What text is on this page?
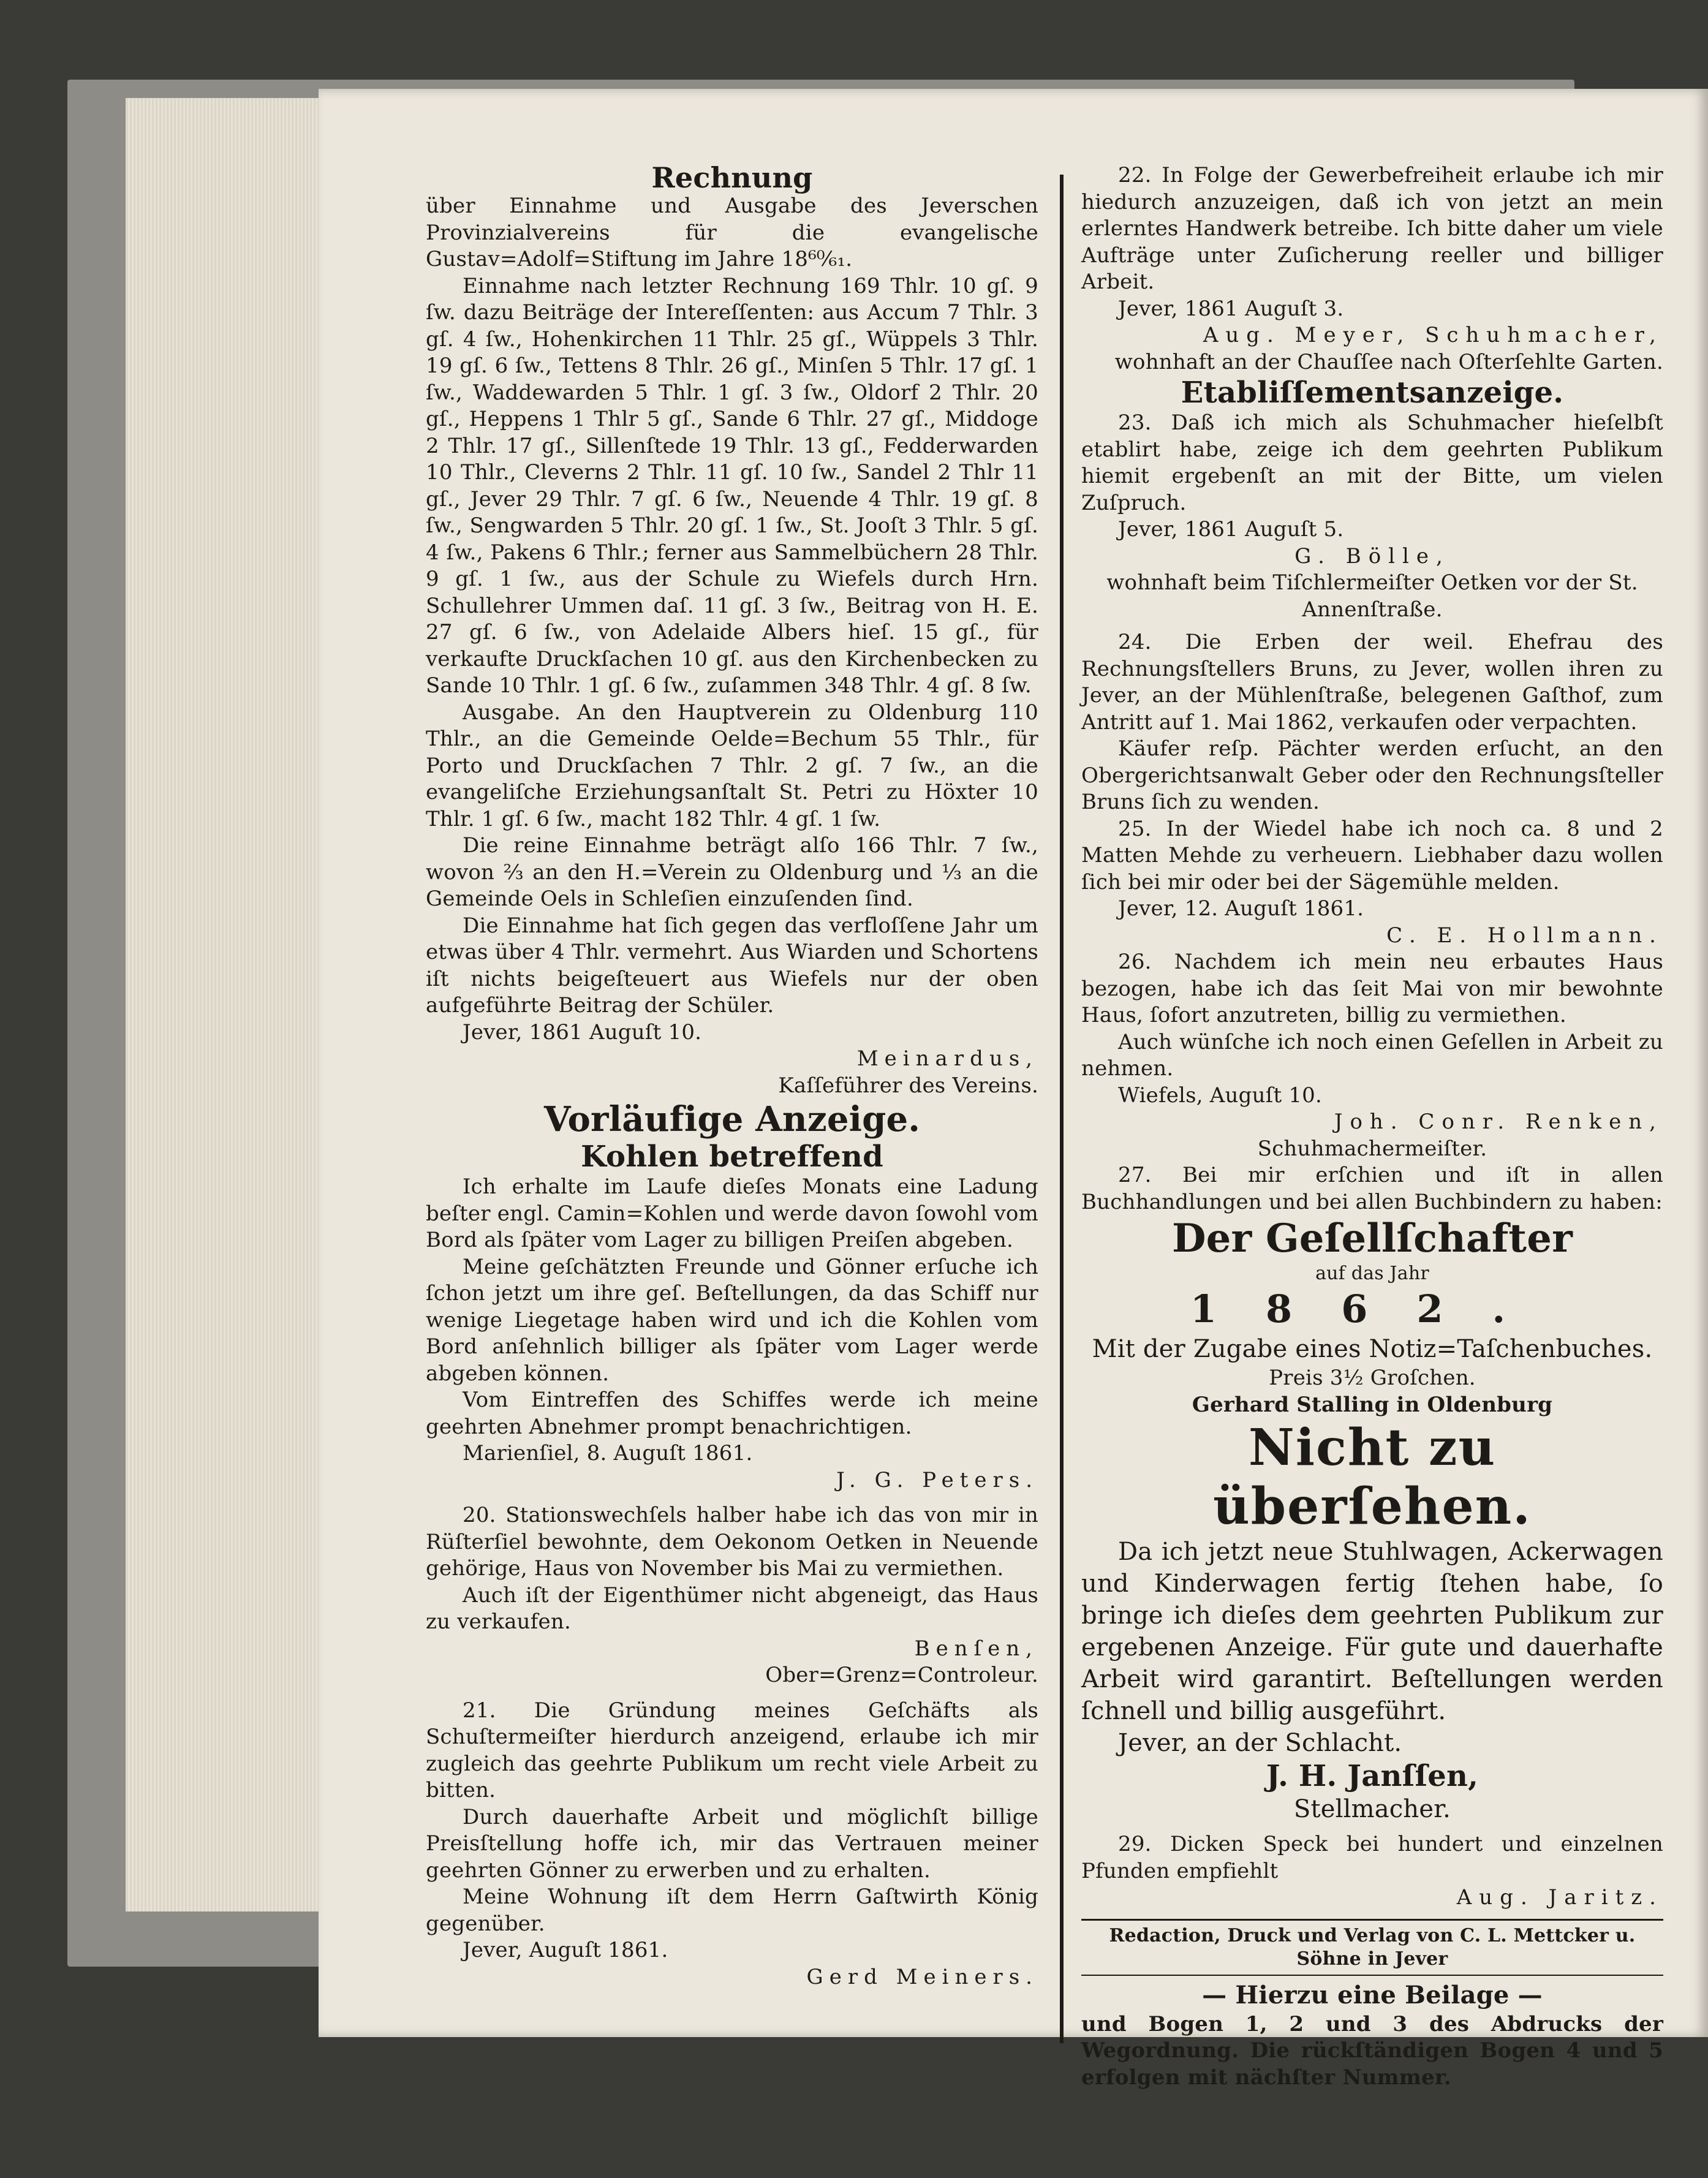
Rechnung

über Einnahme und Ausgabe des Jeverschen Provinzialvereins für die evangelische Gustav=Adolf=Stiftung im Jahre 18⁶⁰⁄₆₁.

Einnahme nach letzter Rechnung 169 Thlr. 10 gſ. 9 ſw. dazu Beiträge der Intereſſenten: aus Accum 7 Thlr. 3 gſ. 4 ſw., Hohenkirchen 11 Thlr. 25 gſ., Wüppels 3 Thlr. 19 gſ. 6 ſw., Tettens 8 Thlr. 26 gſ., Minſen 5 Thlr. 17 gſ. 1 ſw., Waddewarden 5 Thlr. 1 gſ. 3 ſw., Oldorf 2 Thlr. 20 gſ., Heppens 1 Thlr 5 gſ., Sande 6 Thlr. 27 gſ., Middoge 2 Thlr. 17 gſ., Sillenſtede 19 Thlr. 13 gſ., Fedderwarden 10 Thlr., Cleverns 2 Thlr. 11 gſ. 10 ſw., Sandel 2 Thlr 11 gſ., Jever 29 Thlr. 7 gſ. 6 ſw., Neuende 4 Thlr. 19 gſ. 8 ſw., Sengwarden 5 Thlr. 20 gſ. 1 ſw., St. Jooſt 3 Thlr. 5 gſ. 4 ſw., Pakens 6 Thlr.; ferner aus Sammelbüchern 28 Thlr. 9 gſ. 1 ſw., aus der Schule zu Wiefels durch Hrn. Schullehrer Ummen daſ. 11 gſ. 3 ſw., Beitrag von H. E. 27 gſ. 6 ſw., von Adelaide Albers hieſ. 15 gſ., für verkaufte Druckſachen 10 gſ. aus den Kirchenbecken zu Sande 10 Thlr. 1 gſ. 6 ſw., zuſammen 348 Thlr. 4 gſ. 8 ſw.

Ausgabe. An den Hauptverein zu Oldenburg 110 Thlr., an die Gemeinde Oelde=Bechum 55 Thlr., für Porto und Druckſachen 7 Thlr. 2 gſ. 7 ſw., an die evangeliſche Erziehungsanſtalt St. Petri zu Höxter 10 Thlr. 1 gſ. 6 ſw., macht 182 Thlr. 4 gſ. 1 ſw.

Die reine Einnahme beträgt alſo 166 Thlr. 7 ſw., wovon ⅔ an den H.=Verein zu Oldenburg und ⅓ an die Gemeinde Oels in Schleſien einzuſenden ſind.

Die Einnahme hat ſich gegen das verfloſſene Jahr um etwas über 4 Thlr. vermehrt. Aus Wiarden und Schortens iſt nichts beigeſteuert aus Wiefels nur der oben aufgeführte Beitrag der Schüler.

Jever, 1861 Auguſt 10.

Meinardus,

Kaſſeführer des Vereins.

Vorläufige Anzeige.

Kohlen betreffend

Ich erhalte im Laufe dieſes Monats eine Ladung beſter engl. Camin=Kohlen und werde davon ſowohl vom Bord als ſpäter vom Lager zu billigen Preiſen abgeben.

Meine geſchätzten Freunde und Gönner erſuche ich ſchon jetzt um ihre geſ. Beſtellungen, da das Schiff nur wenige Liegetage haben wird und ich die Kohlen vom Bord anſehnlich billiger als ſpäter vom Lager werde abgeben können.

Vom Eintreffen des Schiffes werde ich meine geehrten Abnehmer prompt benachrichtigen.

Marienſiel, 8. Auguſt 1861.

J. G. Peters.

20. Stationswechſels halber habe ich das von mir in Rüſterſiel bewohnte, dem Oekonom Oetken in Neuende gehörige, Haus von November bis Mai zu vermiethen.

Auch iſt der Eigenthümer nicht abgeneigt, das Haus zu verkaufen.

Benſen,

Ober=Grenz=Controleur.

21. Die Gründung meines Geſchäfts als Schuſtermeiſter hierdurch anzeigend, erlaube ich mir zugleich das geehrte Publikum um recht viele Arbeit zu bitten.

Durch dauerhafte Arbeit und möglichſt billige Preisſtellung hoffe ich, mir das Vertrauen meiner geehrten Gönner zu erwerben und zu erhalten.

Meine Wohnung iſt dem Herrn Gaſtwirth König gegenüber.

Jever, Auguſt 1861.

Gerd Meiners.

22. In Folge der Gewerbefreiheit erlaube ich mir hiedurch anzuzeigen, daß ich von jetzt an mein erlerntes Handwerk betreibe. Ich bitte daher um viele Aufträge unter Zuſicherung reeller und billiger Arbeit.

Jever, 1861 Auguſt 3.

Aug. Meyer, Schuhmacher,

wohnhaft an der Chauſſee nach Oſterſehlte Garten.

Etabliſſementsanzeige.

23. Daß ich mich als Schuhmacher hieſelbſt etablirt habe, zeige ich dem geehrten Publikum hiemit ergebenſt an mit der Bitte, um vielen Zuſpruch.

Jever, 1861 Auguſt 5.

G. Bölle,

wohnhaft beim Tiſchlermeiſter Oetken vor der St. Annenſtraße.

24. Die Erben der weil. Ehefrau des Rechnungsſtellers Bruns, zu Jever, wollen ihren zu Jever, an der Mühlenſtraße, belegenen Gaſthof, zum Antritt auf 1. Mai 1862, verkaufen oder verpachten.

Käufer reſp. Pächter werden erſucht, an den Obergerichtsanwalt Geber oder den Rechnungsſteller Bruns ſich zu wenden.

25. In der Wiedel habe ich noch ca. 8 und 2 Matten Mehde zu verheuern. Liebhaber dazu wollen ſich bei mir oder bei der Sägemühle melden.

Jever, 12. Auguſt 1861.

C. E. Hollmann.

26. Nachdem ich mein neu erbautes Haus bezogen, habe ich das ſeit Mai von mir bewohnte Haus, ſofort anzutreten, billig zu vermiethen.

Auch wünſche ich noch einen Geſellen in Arbeit zu nehmen.

Wiefels, Auguſt 10.

Joh. Conr. Renken,

Schuhmachermeiſter.

27. Bei mir erſchien und iſt in allen Buchhandlungen und bei allen Buchbindern zu haben:

Der Geſellſchafter

auf das Jahr

1862.

Mit der Zugabe eines Notiz=Taſchenbuches.

Preis 3½ Groſchen.

Gerhard Stalling in Oldenburg

Nicht zu überſehen.

Da ich jetzt neue Stuhlwagen, Ackerwagen und Kinderwagen fertig ſtehen habe, ſo bringe ich dieſes dem geehrten Publikum zur ergebenen Anzeige. Für gute und dauerhafte Arbeit wird garantirt. Beſtellungen werden ſchnell und billig ausgeführt.

Jever, an der Schlacht.

J. H. Janſſen,

Stellmacher.

29. Dicken Speck bei hundert und einzelnen Pfunden empfiehlt

Aug. Jaritz.

Redaction, Druck und Verlag von C. L. Mettcker u. Söhne in Jever

— Hierzu eine Beilage —

und Bogen 1, 2 und 3 des Abdrucks der Wegordnung. Die rückſtändigen Bogen 4 und 5 erfolgen mit nächſter Nummer.
